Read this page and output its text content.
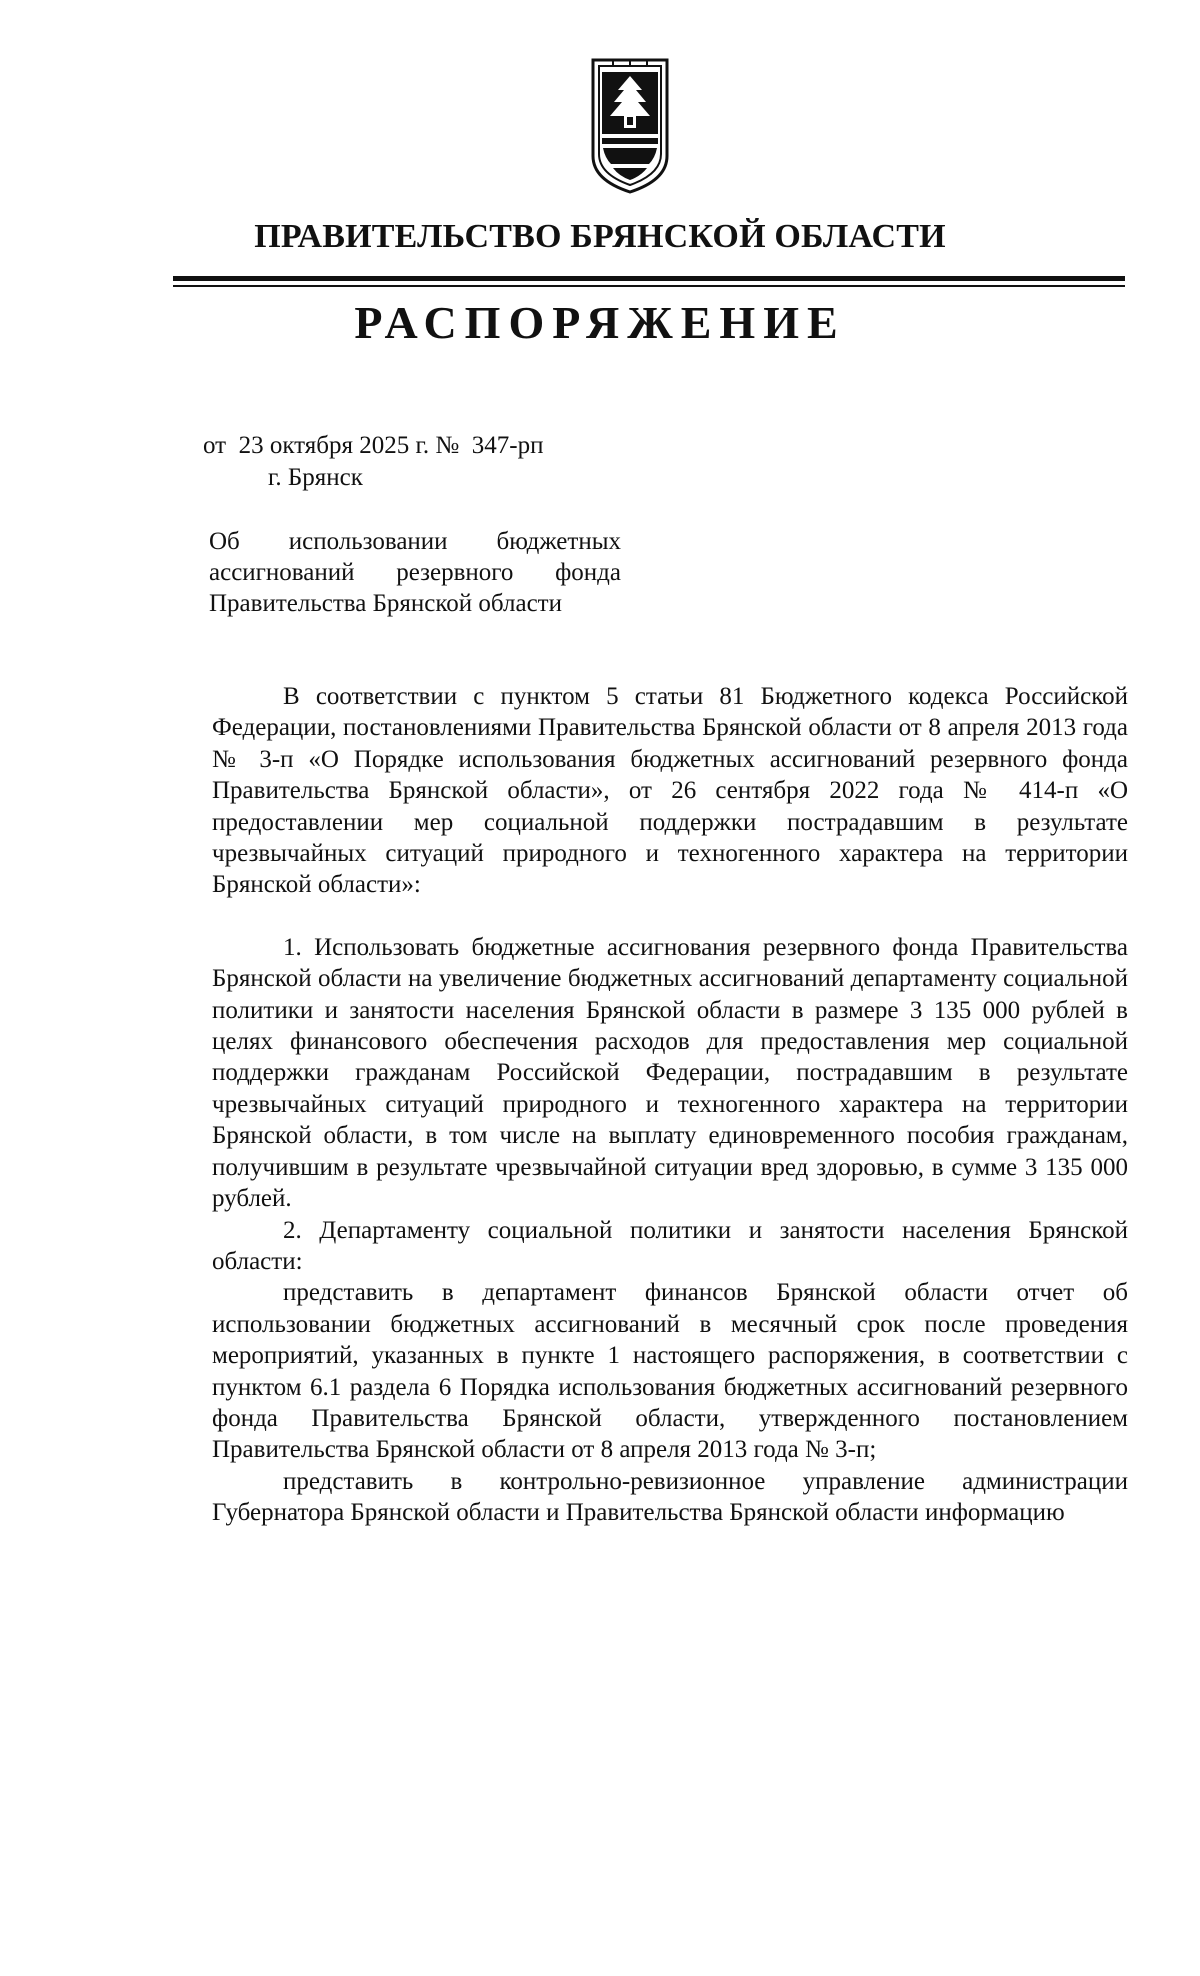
ПРАВИТЕЛЬСТВО БРЯНСКОЙ ОБЛАСТИ
РАСПОРЯЖЕНИЕ
от  23 октября 2025 г. №  347-рп
г. Брянск
Об использовании бюджетных
ассигнований резервного фонда
Правительства Брянской области

В соответствии с пунктом 5 статьи 81 Бюджетного кодекса Российской Федерации, постановлениями Правительства Брянской области от 8 апреля 2013 года № 3-п «О Порядке использования бюджетных ассигнований резервного фонда Правительства Брянской области», от 26 сентября 2022 года № 414-п «О предоставлении мер социальной поддержки пострадавшим в результате чрезвычайных ситуаций природного и техногенного характера на территории Брянской области»:

1. Использовать бюджетные ассигнования резервного фонда Правительства Брянской области на увеличение бюджетных ассигнований департаменту социальной политики и занятости населения Брянской области в размере 3 135 000 рублей в целях финансового обеспечения расходов для предоставления мер социальной поддержки гражданам Российской Федерации, пострадавшим в результате чрезвычайных ситуаций природного и техногенного характера на территории Брянской области, в том числе на выплату единовременного пособия гражданам, получившим в результате чрезвычайной ситуации вред здоровью, в сумме 3 135 000 рублей.

2. Департаменту социальной политики и занятости населения Брянской области:

представить в департамент финансов Брянской области отчет об использовании бюджетных ассигнований в месячный срок после проведения мероприятий, указанных в пункте 1 настоящего распоряжения, в соответствии с пунктом 6.1 раздела 6 Порядка использования бюджетных ассигнований резервного фонда Правительства Брянской области, утвержденного постановлением Правительства Брянской области от 8 апреля 2013 года № 3-п;

представить в контрольно-ревизионное управление администрации Губернатора Брянской области и Правительства Брянской области информацию
